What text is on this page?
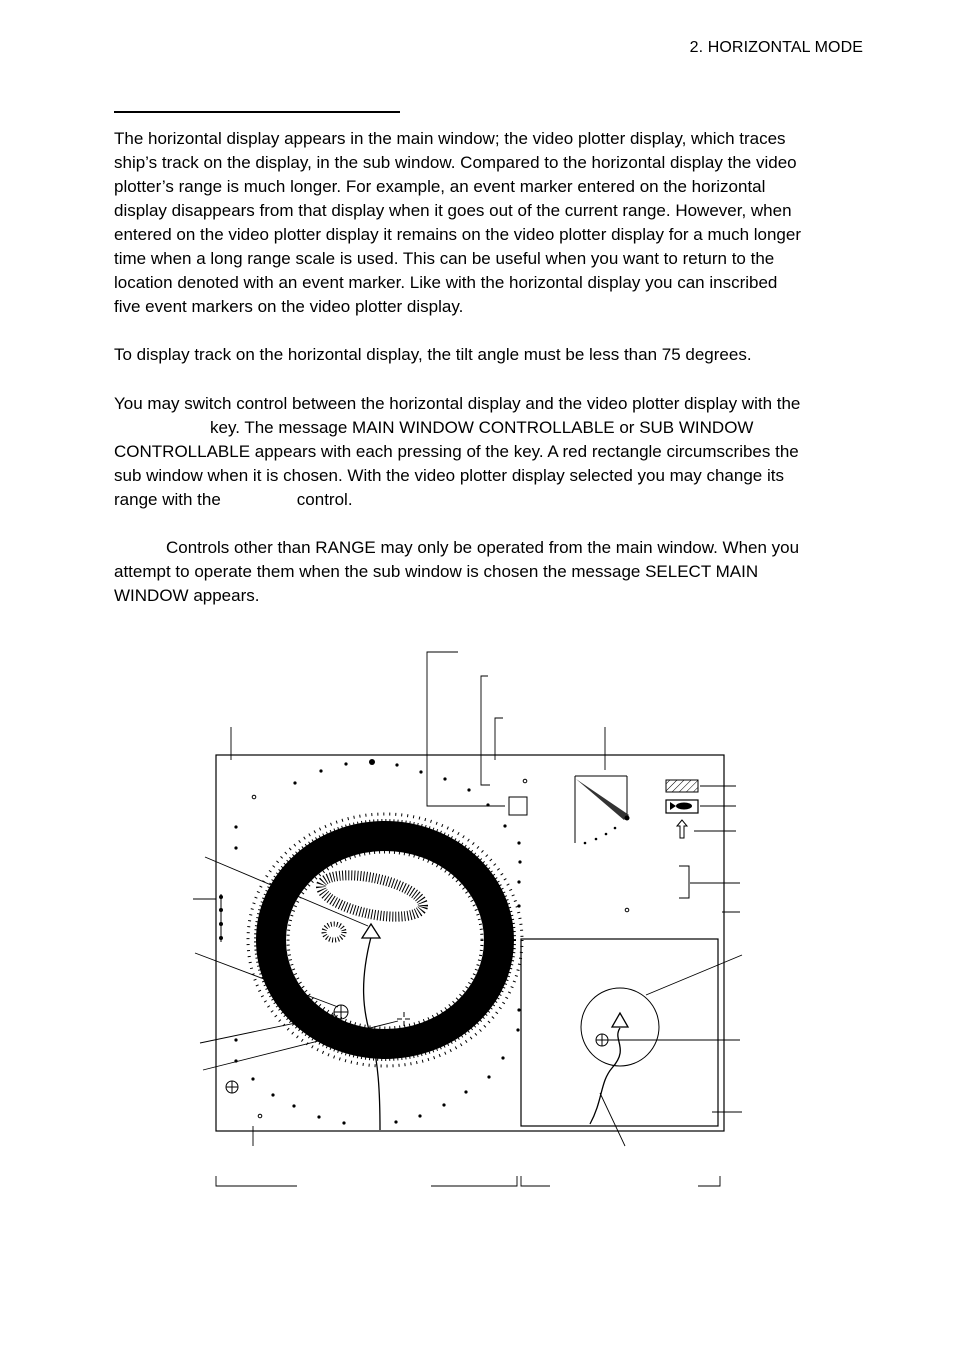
2. HORIZONTAL MODE
The horizontal display appears in the main window; the video plotter display, which traces
ship’s track on the display, in the sub window. Compared to the horizontal display the video
plotter’s range is much longer. For example, an event marker entered on the horizontal
display disappears from that display when it goes out of the current range. However, when
entered on the video plotter display it remains on the video plotter display for a much longer
time when a long range scale is used. This can be useful when you want to return to the
location denoted with an event marker. Like with the horizontal display you can inscribed
five event markers on the video plotter display.
To display track on the horizontal display, the tilt angle must be less than 75 degrees.
You may switch control between the horizontal display and the video plotter display with the
key. The message MAIN WINDOW CONTROLLABLE or SUB WINDOW
CONTROLLABLE appears with each pressing of the key. A red rectangle circumscribes the
sub window when it is chosen. With the video plotter display selected you may change its
range with the	control.
Controls other than RANGE may only be operated from the main window. When you
attempt to operate them when the sub window is chosen the message SELECT MAIN
WINDOW appears.
